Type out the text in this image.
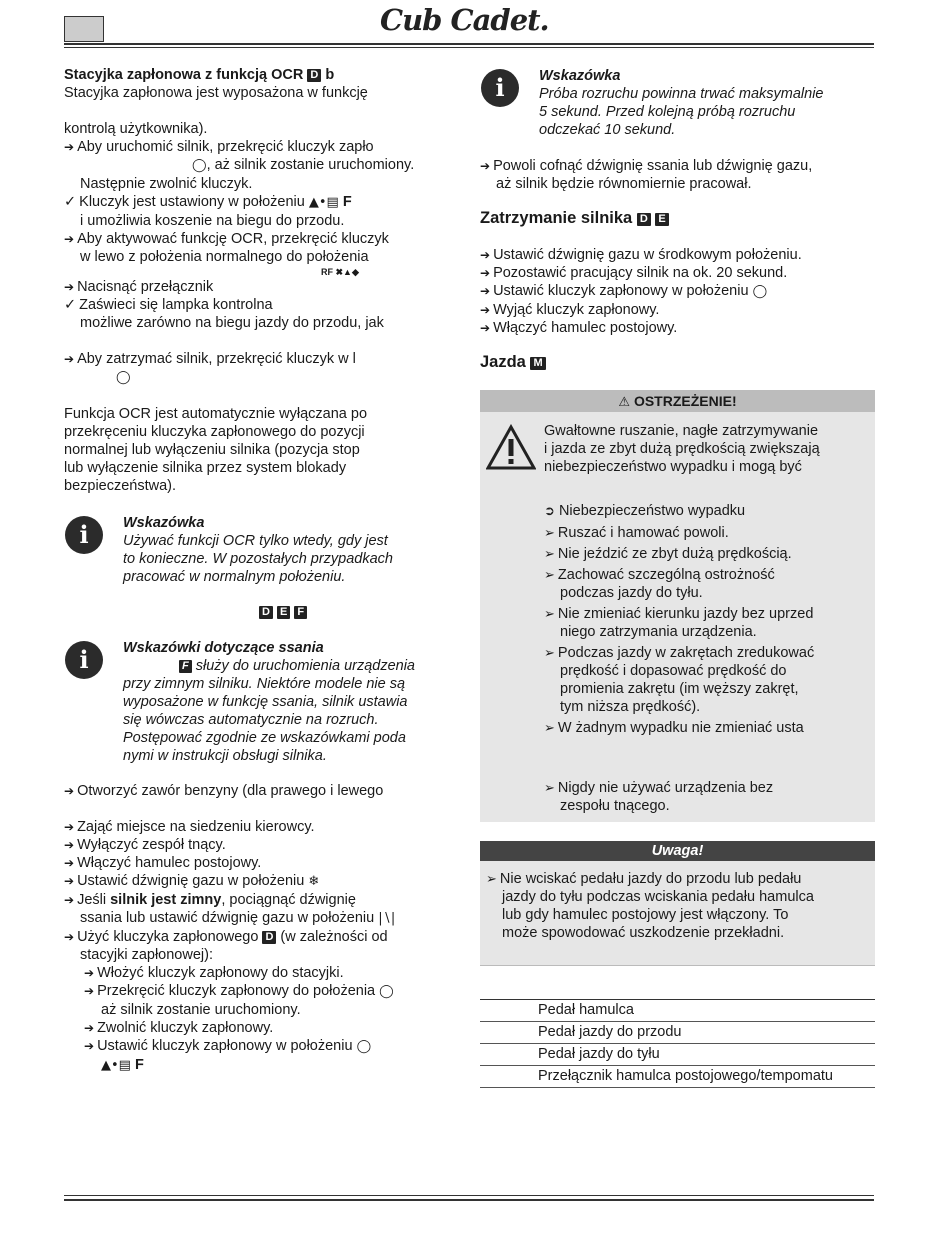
Cub Cadet.

Stacyjka zapłonowa z funkcją OCR D b

Stacyjka zapłonowa jest wyposażona w funkcję

kontrolą użytkownika).

➔ Aby uruchomić silnik, przekręcić kluczyk zapło

◯, aż silnik zostanie uruchomiony.

Następnie zwolnić kluczyk.

✓ Kluczyk jest ustawiony w położeniu ▲•▤ F

i umożliwia koszenie na biegu do przodu.

➔ Aby aktywować funkcję OCR, przekręcić kluczyk

w lewo z położenia normalnego do położenia

RF ✖▲◆

➔ Nacisnąć przełącznik

✓ Zaświeci się lampka kontrolna

możliwe zarówno na biegu jazdy do przodu, jak

➔ Aby zatrzymać silnik, przekręcić kluczyk w l

◯

Funkcja OCR jest automatycznie wyłączana po

przekręceniu kluczyka zapłonowego do pozycji

normalnej lub wyłączeniu silnika (pozycja stop

lub wyłączenie silnika przez system blokady

bezpieczeństwa).

i	Wskazówka

Używać funkcji OCR tylko wtedy, gdy jest

to konieczne. W pozostałych przypadkach

pracować w normalnym położeniu.

D E F
i	Wskazówki dotyczące ssania

F służy do uruchomienia urządzenia

przy zimnym silniku. Niektóre modele nie są

wyposażone w funkcję ssania, silnik ustawia

się wówczas automatycznie na rozruch.

Postępować zgodnie ze wskazówkami poda

nymi w instrukcji obsługi silnika.

➔ Otworzyć zawór benzyny (dla prawego i lewego

➔ Zająć miejsce na siedzeniu kierowcy.

➔ Wyłączyć zespół tnący.

➔ Włączyć hamulec postojowy.

➔ Ustawić dźwignię gazu w położeniu ❄

➔ Jeśli silnik jest zimny, pociągnąć dźwignię

ssania lub ustawić dźwignię gazu w położeniu |∖|

➔ Użyć kluczyka zapłonowego D (w zależności od

stacyjki zapłonowej):

➔ Włożyć kluczyk zapłonowy do stacyjki.

➔ Przekręcić kluczyk zapłonowy do położenia ◯

aż silnik zostanie uruchomiony.

➔ Zwolnić kluczyk zapłonowy.

➔ Ustawić kluczyk zapłonowy w położeniu ◯

▲•▤ F

i	Wskazówka

Próba rozruchu powinna trwać maksymalnie

5 sekund. Przed kolejną próbą rozruchu

odczekać 10 sekund.

➔ Powoli cofnąć dźwignię ssania lub dźwignię gazu,

aż silnik będzie równomiernie pracował.

Zatrzymanie silnika D E

➔ Ustawić dźwignię gazu w środkowym położeniu.

➔ Pozostawić pracujący silnik na ok. 20 sekund.

➔ Ustawić kluczyk zapłonowy w położeniu ◯

➔ Wyjąć kluczyk zapłonowy.

➔ Włączyć hamulec postojowy.

Jazda M
⚠ OSTRZEŻENIE!

Gwałtowne ruszanie, nagłe zatrzymywanie

i jazda ze zbyt dużą prędkością zwiększają

niebezpieczeństwo wypadku i mogą być

➲ Niebezpieczeństwo wypadku

➢ Ruszać i hamować powoli.

➢ Nie jeździć ze zbyt dużą prędkością.

➢ Zachować szczególną ostrożność

podczas jazdy do tyłu.

➢ Nie zmieniać kierunku jazdy bez uprzed

niego zatrzymania urządzenia.

➢ Podczas jazdy w zakrętach zredukować

prędkość i dopasować prędkość do

promienia zakrętu (im węższy zakręt,

tym niższa prędkość).

➢ W żadnym wypadku nie zmieniać usta

➢ Nigdy nie używać urządzenia bez

zespołu tnącego.

Uwaga!

➢ Nie wciskać pedału jazdy do przodu lub pedału

jazdy do tyłu podczas wciskania pedału hamulca

lub gdy hamulec postojowy jest włączony. To

może spowodować uszkodzenie przekładni.

Pedał hamulca
Pedał jazdy do przodu
Pedał jazdy do tyłu
Przełącznik hamulca postojowego/tempomatu
